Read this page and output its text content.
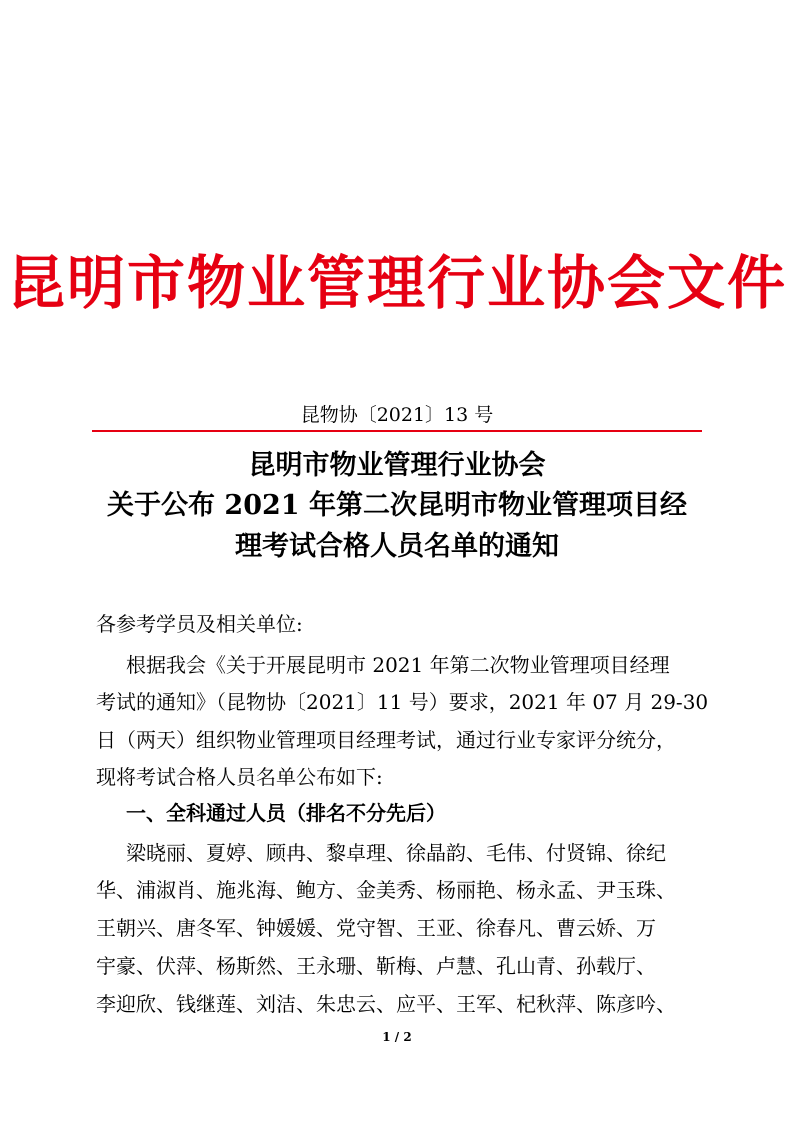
昆明市物业管理行业协会文件
昆物协〔2021〕13 号
昆明市物业管理行业协会
关于公布 2021 年第二次昆明市物业管理项目经
理考试合格人员名单的通知
各参考学员及相关单位:
根据我会《关于开展昆明市 2021 年第二次物业管理项目经理
考试的通知》（昆物协〔2021〕11 号）要求，2021 年 07 月 29-30
日（两天）组织物业管理项目经理考试，通过行业专家评分统分，
现将考试合格人员名单公布如下:
一、全科通过人员（排名不分先后）
梁晓丽、夏婷、顾冉、黎卓理、徐晶韵、毛伟、付贤锦、徐纪
华、浦淑肖、施兆海、鲍方、金美秀、杨丽艳、杨永孟、尹玉珠、
王朝兴、唐冬军、钟媛媛、党守智、王亚、徐春凡、曹云娇、万
宇豪、伏萍、杨斯然、王永珊、靳梅、卢慧、孔山青、孙载厅、
李迎欣、钱继莲、刘洁、朱忠云、应平、王军、杞秋萍、陈彦吟、
1 / 2
